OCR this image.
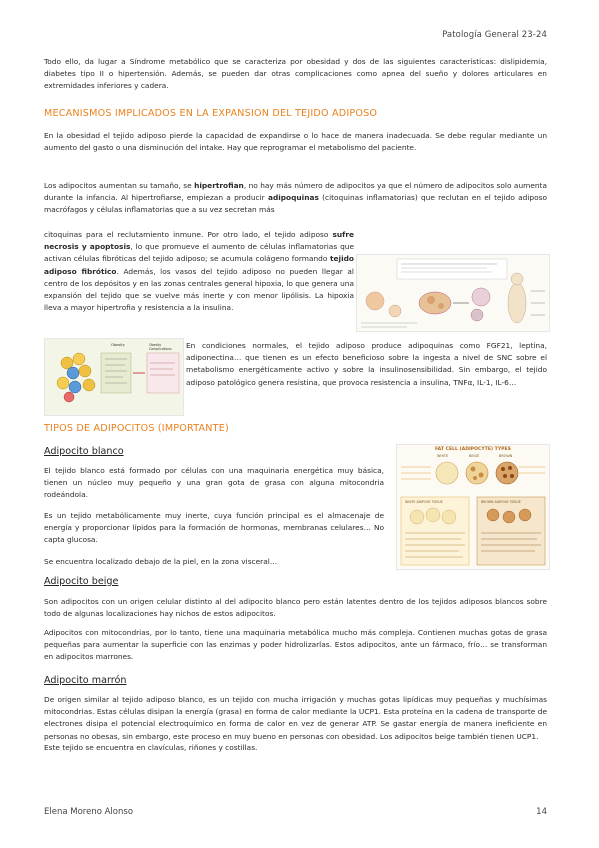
Patología General 23-24
Todo ello, da lugar a Síndrome metabólico que se caracteriza por obesidad y dos de las siguientes características: dislipidemia, diabetes tipo II o hipertensión. Además, se pueden dar otras complicaciones como apnea del sueño y dolores articulares en extremidades inferiores y cadera.
MECANISMOS IMPLICADOS EN LA EXPANSION DEL TEJIDO ADIPOSO
En la obesidad el tejido adiposo pierde la capacidad de expandirse o lo hace de manera inadecuada. Se debe regular mediante un aumento del gasto o una disminución del intake. Hay que reprogramar el metabolismo del paciente.
Los adipocitos aumentan su tamaño, se hipertrofian, no hay más número de adipocitos ya que el número de adipocitos solo aumenta durante la infancia. Al hipertrofiarse, empiezan a producir adipoquinas (citoquinas inflamatorias) que reclutan en el tejido adiposo macrófagos y células inflamatorias que a su vez secretan más
citoquinas para el reclutamiento inmune. Por otro lado, el tejido adiposo sufre necrosis y apoptosis, lo que promueve el aumento de células inflamatorias que activan células fibróticas del tejido adiposo; se acumula colágeno formando tejido adiposo fibrótico. Además, los vasos del tejido adiposo no pueden llegar al centro de los depósitos y en las zonas centrales general hipoxia, lo que genera una expansión del tejido que se vuelve más inerte y con menor lipólisis. La hipoxia lleva a mayor hipertrofia y resistencia a la insulina.
Obesity	Obesity Complications	En condiciones normales, el tejido adiposo produce adipoquinas como FGF21, leptina, adiponectina… que tienen es un efecto beneficioso sobre la ingesta a nivel de SNC sobre el metabolismo energéticamente activo y sobre la insulinosensibilidad. Sin embargo, el tejido adiposo patológico genera resistina, que provoca resistencia a insulina, TNFα, IL-1, IL-6…
TIPOS DE ADIPOCITOS (IMPORTANTE)
Adipocito blanco
El tejido blanco está formado por células con una maquinaria energética muy básica, tienen un núcleo muy pequeño y una gran gota de grasa con alguna mitocondria rodeándola.
Es un tejido metabólicamente muy inerte, cuya función principal es el almacenaje de energía y proporcionar lípidos para la formación de hormonas, membranas celulares… No capta glucosa.
Se encuentra localizado debajo de la piel, en la zona visceral…
FAT CELL (ADIPOCYTE) TYPES
WHITE	BEIGE	BROWN
WHITE ADIPOSE TISSUE	BROWN ADIPOSE TISSUE
Adipocito beige
Son adipocitos con un origen celular distinto al del adipocito blanco pero están latentes dentro de los tejidos adiposos blancos sobre todo de algunas localizaciones hay nichos de estos adipocitos.
Adipocitos con mitocondrias, por lo tanto, tiene una maquinaria metabólica mucho más compleja. Contienen muchas gotas de grasa pequeñas para aumentar la superficie con las enzimas y poder hidrolizarlas. Estos adipocitos, ante un fármaco, frío… se transforman en adipocitos marrones.
Adipocito marrón
De origen similar al tejido adiposo blanco, es un tejido con mucha irrigación y muchas gotas lipídicas muy pequeñas y muchísimas mitocondrias. Estas células disipan la energía (grasa) en forma de calor mediante la UCP1. Esta proteína en la cadena de transporte de electrones disipa el potencial electroquímico en forma de calor en vez de generar ATP. Se gastar energía de manera ineficiente en personas no obesas, sin embargo, este proceso en muy bueno en personas con obesidad. Los adipocitos beige también tienen UCP1.
Este tejido se encuentra en clavículas, riñones y costillas.
Elena Moreno Alonso	14
